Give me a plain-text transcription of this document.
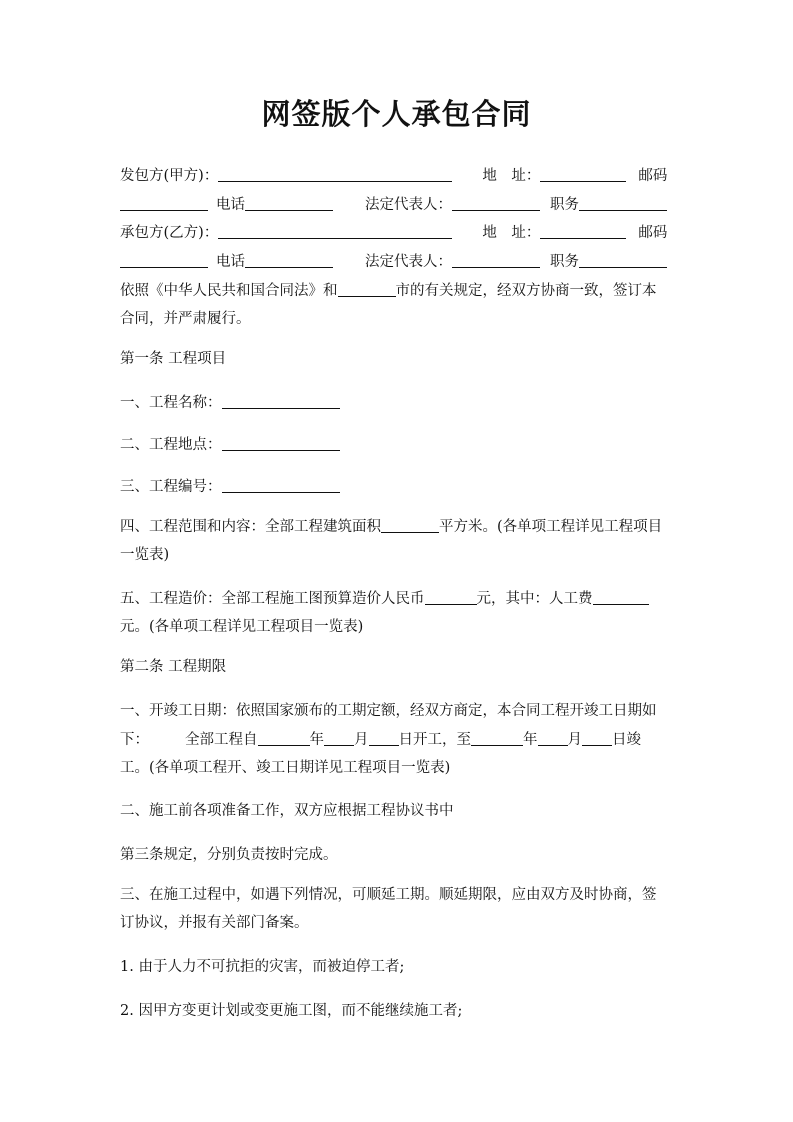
网签版个人承包合同
发包方(甲方)：	地　址：	邮码
电话	法定代表人：	职务
承包方(乙方)：	地　址：	邮码
电话	法定代表人：	职务
依照《中华人民共和国合同法》和	市的有关规定，经双方协商一致，签订本
合同，并严肃履行。
第一条 工程项目
一、工程名称：
二、工程地点：
三、工程编号：
四、工程范围和内容：全部工程建筑面积	平方米。(各单项工程详见工程项目
一览表)
五、工程造价：全部工程施工图预算造价人民币	元，其中：人工费
元。(各单项工程详见工程项目一览表)
第二条 工程期限
一、开竣工日期：依照国家颁布的工期定额，经双方商定，本合同工程开竣工日期如
下： 全部工程自	年 月 日开工，至	年 月 日竣
工。(各单项工程开、竣工日期详见工程项目一览表)
二、施工前各项准备工作，双方应根据工程协议书中
第三条规定，分别负责按时完成。
三、在施工过程中，如遇下列情况，可顺延工期。顺延期限，应由双方及时协商，签
订协议，并报有关部门备案。
1. 由于人力不可抗拒的灾害，而被迫停工者;
2. 因甲方变更计划或变更施工图，而不能继续施工者;
